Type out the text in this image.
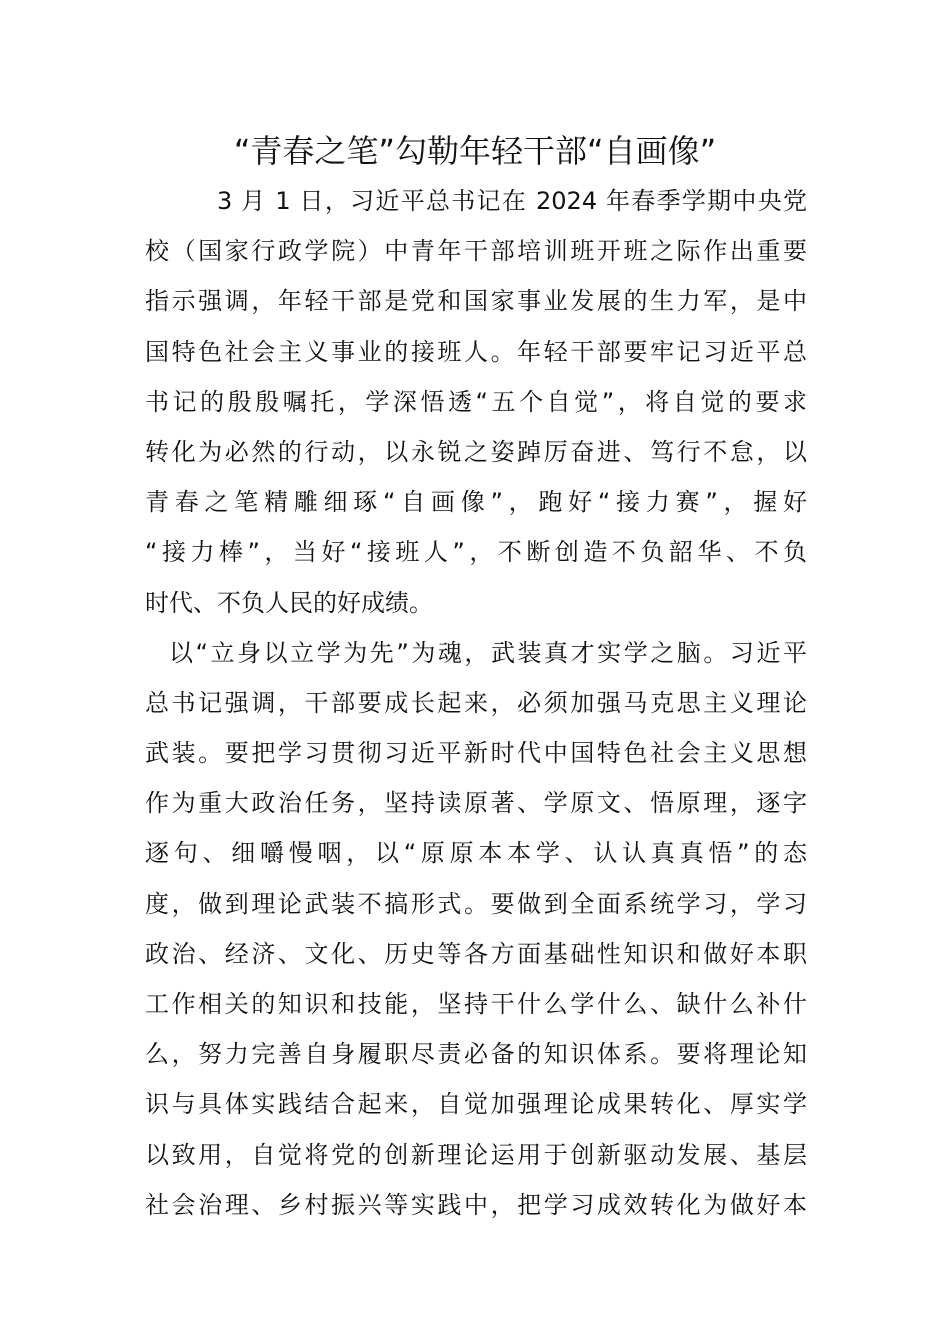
“青春之笔”勾勒年轻干部“自画像”
3 月 1 日，习近平总书记在 2024 年春季学期中央党
校（国家行政学院）中青年干部培训班开班之际作出重要
指示强调，年轻干部是党和国家事业发展的生力军，是中
国特色社会主义事业的接班人。年轻干部要牢记习近平总
书记的殷殷嘱托，学深悟透“五个自觉”，将自觉的要求
转化为必然的行动，以永锐之姿踔厉奋进、笃行不怠，以
青春之笔精雕细琢“自画像”，跑好“接力赛”，握好
“接力棒”，当好“接班人”，不断创造不负韶华、不负
时代、不负人民的好成绩。
以“立身以立学为先”为魂，武装真才实学之脑。习近平
总书记强调，干部要成长起来，必须加强马克思主义理论
武装。要把学习贯彻习近平新时代中国特色社会主义思想
作为重大政治任务，坚持读原著、学原文、悟原理，逐字
逐句、细嚼慢咽，以“原原本本学、认认真真悟”的态
度，做到理论武装不搞形式。要做到全面系统学习，学习
政治、经济、文化、历史等各方面基础性知识和做好本职
工作相关的知识和技能，坚持干什么学什么、缺什么补什
么，努力完善自身履职尽责必备的知识体系。要将理论知
识与具体实践结合起来，自觉加强理论成果转化、厚实学
以致用，自觉将党的创新理论运用于创新驱动发展、基层
社会治理、乡村振兴等实践中，把学习成效转化为做好本
